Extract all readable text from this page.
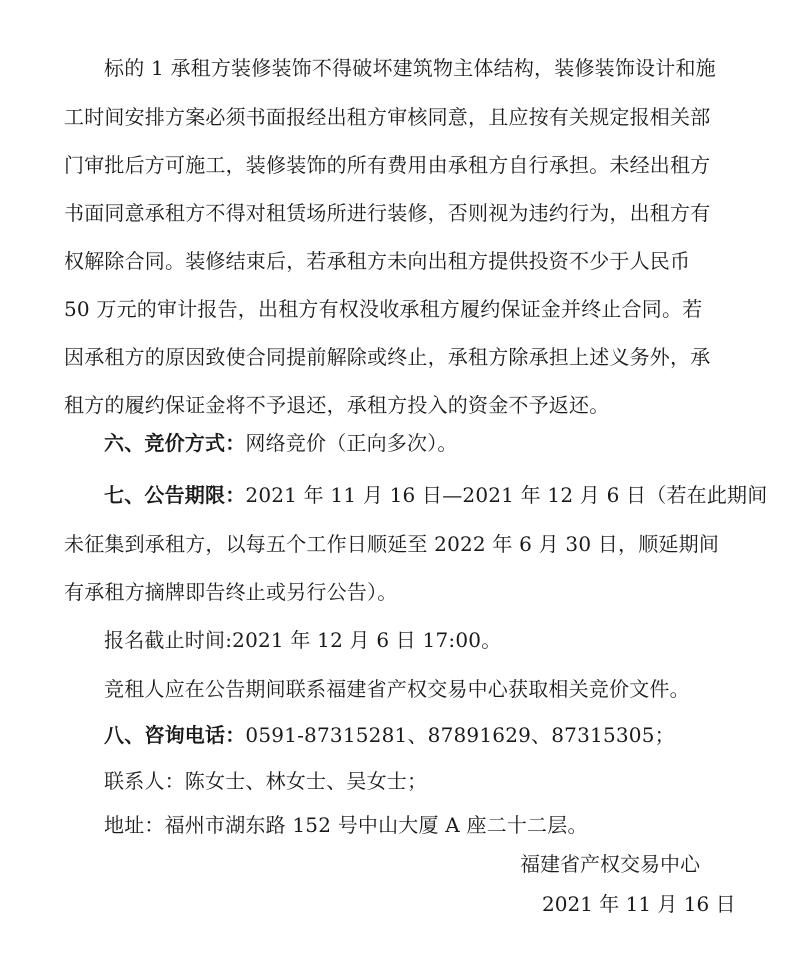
标的 1 承租方装修装饰不得破坏建筑物主体结构，装修装饰设计和施
工时间安排方案必须书面报经出租方审核同意，且应按有关规定报相关部
门审批后方可施工，装修装饰的所有费用由承租方自行承担。未经出租方
书面同意承租方不得对租赁场所进行装修，否则视为违约行为，出租方有
权解除合同。装修结束后，若承租方未向出租方提供投资不少于人民币
50 万元的审计报告，出租方有权没收承租方履约保证金并终止合同。若
因承租方的原因致使合同提前解除或终止，承租方除承担上述义务外，承
租方的履约保证金将不予退还，承租方投入的资金不予返还。
六、竞价方式：网络竞价（正向多次）。
七、公告期限：2021 年 11 月 16 日—2021 年 12 月 6 日（若在此期间
未征集到承租方，以每五个工作日顺延至 2022 年 6 月 30 日，顺延期间
有承租方摘牌即告终止或另行公告）。
报名截止时间:2021 年 12 月 6 日 17:00。
竞租人应在公告期间联系福建省产权交易中心获取相关竞价文件。
八、咨询电话：0591-87315281、87891629、87315305；
联系人：陈女士、林女士、吴女士；
地址：福州市湖东路 152 号中山大厦 A 座二十二层。
福建省产权交易中心
2021 年 11 月 16 日
